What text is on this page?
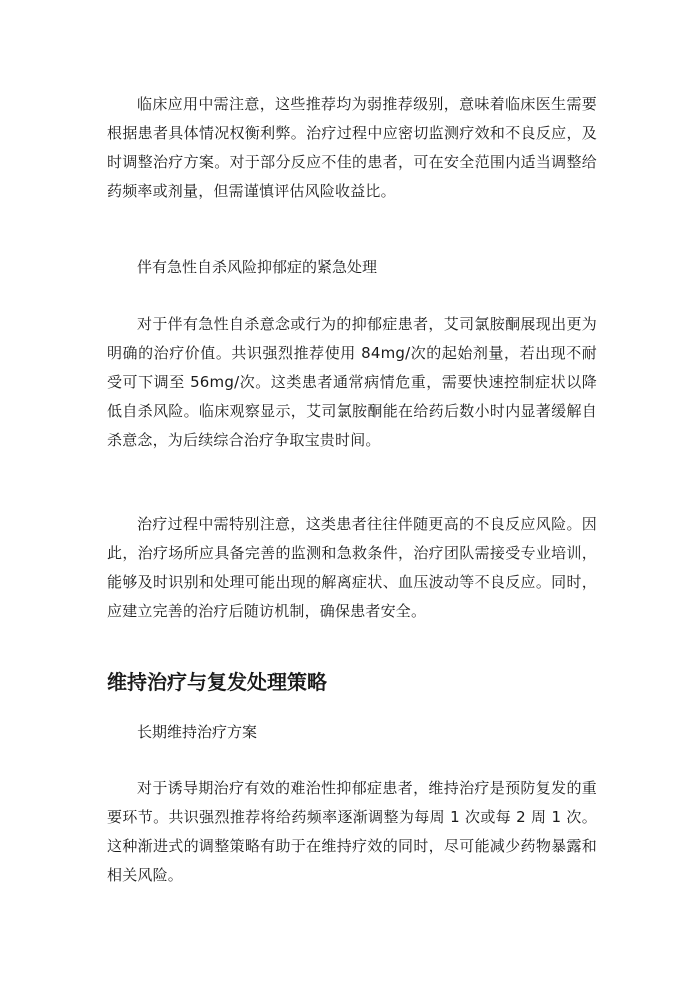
临床应用中需注意，这些推荐均为弱推荐级别，意味着临床医生需要根据患者具体情况权衡利弊。治疗过程中应密切监测疗效和不良反应，及时调整治疗方案。对于部分反应不佳的患者，可在安全范围内适当调整给药频率或剂量，但需谨慎评估风险收益比。

伴有急性自杀风险抑郁症的紧急处理

对于伴有急性自杀意念或行为的抑郁症患者，艾司氯胺酮展现出更为明确的治疗价值。共识强烈推荐使用 84mg/次的起始剂量，若出现不耐受可下调至 56mg/次。这类患者通常病情危重，需要快速控制症状以降低自杀风险。临床观察显示，艾司氯胺酮能在给药后数小时内显著缓解自杀意念，为后续综合治疗争取宝贵时间。

治疗过程中需特别注意，这类患者往往伴随更高的不良反应风险。因此，治疗场所应具备完善的监测和急救条件，治疗团队需接受专业培训，能够及时识别和处理可能出现的解离症状、血压波动等不良反应。同时，应建立完善的治疗后随访机制，确保患者安全。

维持治疗与复发处理策略

长期维持治疗方案

对于诱导期治疗有效的难治性抑郁症患者，维持治疗是预防复发的重要环节。共识强烈推荐将给药频率逐渐调整为每周 1 次或每 2 周 1 次。这种渐进式的调整策略有助于在维持疗效的同时，尽可能减少药物暴露和相关风险。
